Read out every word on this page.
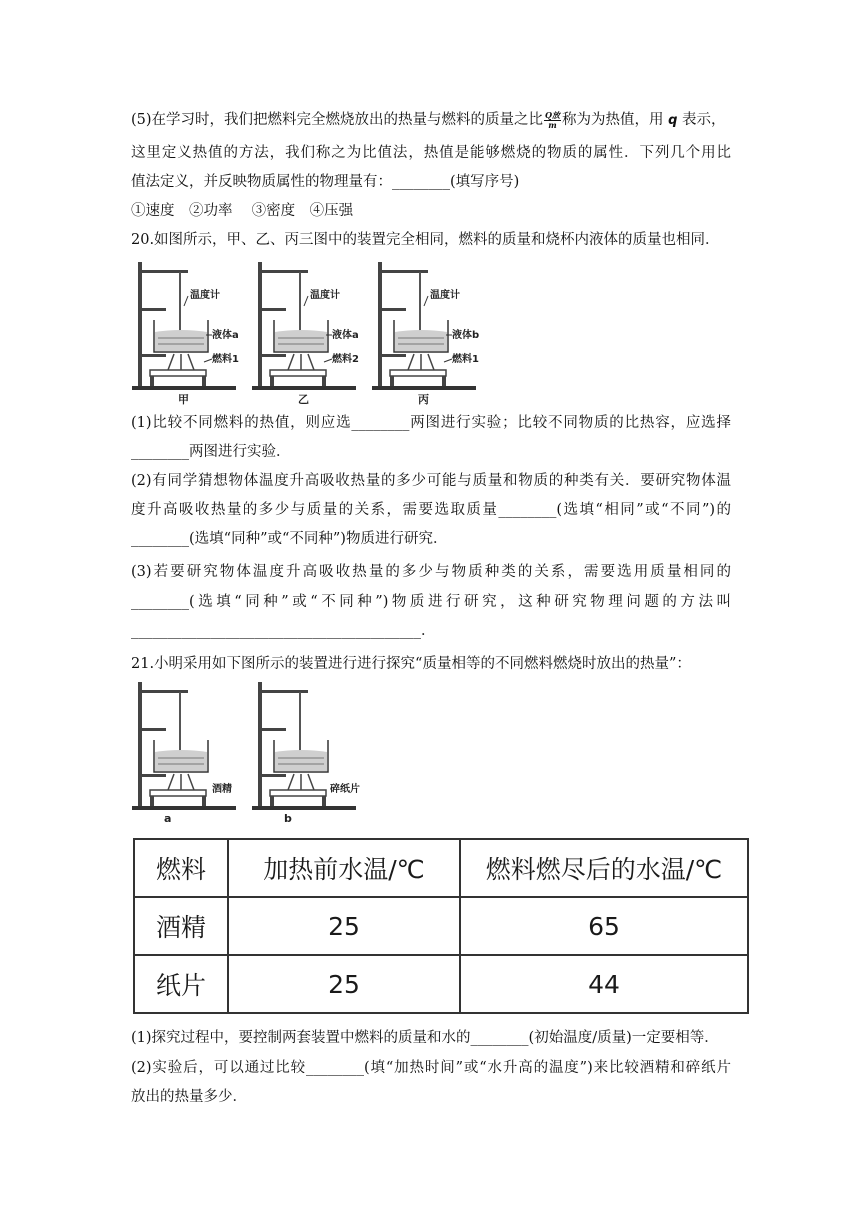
(5)在学习时，我们把燃料完全燃烧放出的热量与燃料的质量之比 $\frac{\text{Q放}}{m}$ 称为为热值，用 q 表示，
这里定义热值的方法，我们称之为比值法，热值是能够燃烧的物质的属性．下列几个用比
值法定义，并反映物质属性的物理量有：________(填写序号)
①速度　②功率　 ③密度　④压强
20.如图所示，甲、乙、丙三图中的装置完全相同，燃料的质量和烧杯内液体的质量也相同．
温度计
液体a
燃料1
甲
温度计
液体a
燃料2
乙
温度计
液体b
燃料1
丙
(1)比较不同燃料的热值，则应选________两图进行实验；比较不同物质的比热容，应选择
________两图进行实验．
(2)有同学猜想物体温度升高吸收热量的多少可能与质量和物质的种类有关．要研究物体温
度升高吸收热量的多少与质量的关系，需要选取质量________(选填“相同”或“不同”)的
________(选填“同种”或“不同种”)物质进行研究．
(3)若要研究物体温度升高吸收热量的多少与物质种类的关系，需要选用质量相同的
________(选填“同种”或“不同种”)物质进行研究，这种研究物理问题的方法叫
________________________________________．
21.小明采用如下图所示的装置进行进行探究“质量相等的不同燃料燃烧时放出的热量”：
酒精
a
碎纸片
b
燃料	加热前水温/℃	燃料燃尽后的水温/℃
酒精	25	65
纸片	25	44
(1)探究过程中，要控制两套装置中燃料的质量和水的________(初始温度/质量)一定要相等．
(2)实验后，可以通过比较________(填“加热时间”或“水升高的温度”)来比较酒精和碎纸片
放出的热量多少．
